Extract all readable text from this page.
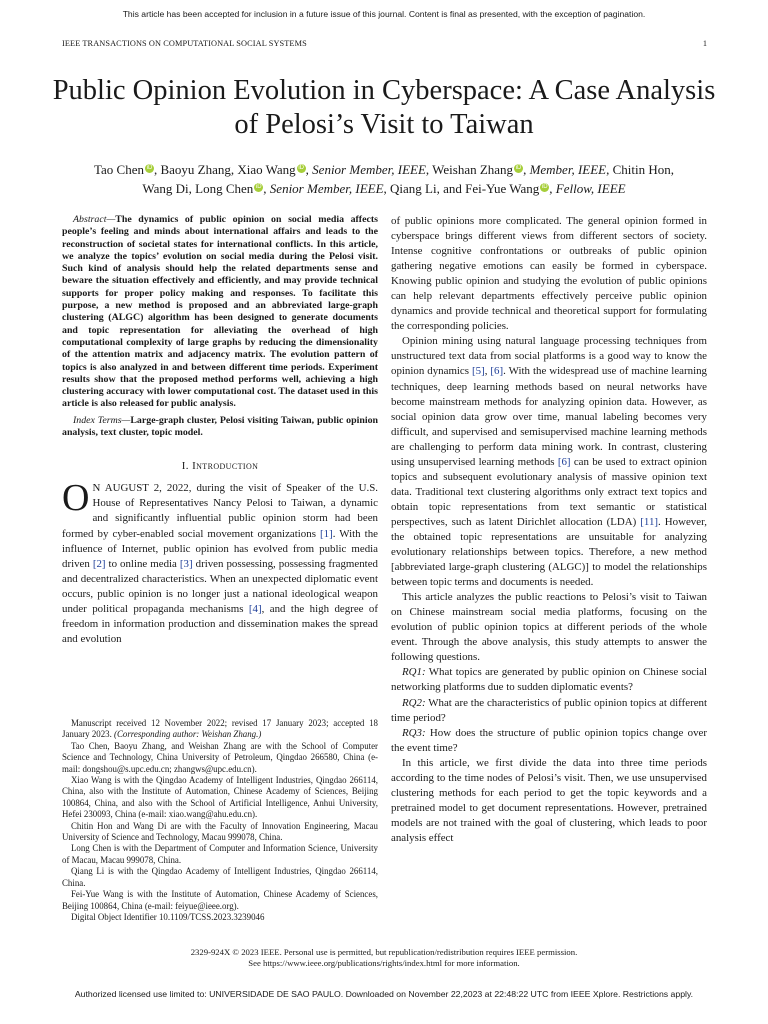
This article has been accepted for inclusion in a future issue of this journal. Content is final as presented, with the exception of pagination.
IEEE TRANSACTIONS ON COMPUTATIONAL SOCIAL SYSTEMS	1
Public Opinion Evolution in Cyberspace: A Case Analysis of Pelosi’s Visit to Taiwan
Tao Chen iD , Baoyu Zhang, Xiao Wang iD , Senior Member, IEEE, Weishan Zhang iD , Member, IEEE, Chitin Hon,
Wang Di, Long Chen iD , Senior Member, IEEE, Qiang Li, and Fei-Yue Wang iD , Fellow, IEEE

Abstract—The dynamics of public opinion on social media affects people’s feeling and minds about international affairs and leads to the reconstruction of societal states for international conflicts. In this article, we analyze the topics’ evolution on social media during the Pelosi visit. Such kind of analysis should help the related departments sense and beware the situation effectively and efficiently, and may provide technical supports for proper policy making and responses. To facilitate this purpose, a new method is proposed and an abbreviated large-graph clustering (ALGC) algorithm has been designed to generate documents and topic representation for alleviating the overhead of high computational complexity of large graphs by reducing the dimensionality of the attention matrix and adjacency matrix. The evolution pattern of topics is also analyzed in and between different time periods. Experiment results show that the proposed method performs well, achieving a high clustering accuracy with lower computational cost. The dataset used in this article is also released for public analysis.

Index Terms—Large-graph cluster, Pelosi visiting Taiwan, public opinion analysis, text cluster, topic model.

I. Introduction

O N AUGUST 2, 2022, during the visit of Speaker of the U.S. House of Representatives Nancy Pelosi to Taiwan, a dynamic and significantly influential public opinion storm had been formed by cyber-enabled social movement organizations [1]. With the influence of Internet, public opinion has evolved from public media driven [2] to online media [3] driven possessing, possessing fragmented and decentralized characteristics. When an unexpected diplomatic event occurs, public opinion is no longer just a national ideological weapon under political propaganda mechanisms [4], and the high degree of freedom in information production and dissemination makes the spread and evolution

Manuscript received 12 November 2022; revised 17 January 2023; accepted 18 January 2023. (Corresponding author: Weishan Zhang.)

Tao Chen, Baoyu Zhang, and Weishan Zhang are with the School of Computer Science and Technology, China University of Petroleum, Qingdao 266580, China (e-mail: dongshou@s.upc.edu.cn; zhangws@upc.edu.cn).

Xiao Wang is with the Qingdao Academy of Intelligent Industries, Qingdao 266114, China, also with the Institute of Automation, Chinese Academy of Sciences, Beijing 100864, China, and also with the School of Artificial Intelligence, Anhui University, Hefei 230093, China (e-mail: xiao.wang@ahu.edu.cn).

Chitin Hon and Wang Di are with the Faculty of Innovation Engineering, Macau University of Science and Technology, Macau 999078, China.

Long Chen is with the Department of Computer and Information Science, University of Macau, Macau 999078, China.

Qiang Li is with the Qingdao Academy of Intelligent Industries, Qingdao 266114, China.

Fei-Yue Wang is with the Institute of Automation, Chinese Academy of Sciences, Beijing 100864, China (e-mail: feiyue@ieee.org).

Digital Object Identifier 10.1109/TCSS.2023.3239046

of public opinions more complicated. The general opinion formed in cyberspace brings different views from different sectors of society. Intense cognitive confrontations or outbreaks of public opinion gathering negative emotions can easily be formed in cyberspace. Knowing public opinion and studying the evolution of public opinions can help relevant departments effectively perceive public opinion dynamics and provide technical and theoretical support for formulating the corresponding policies.

Opinion mining using natural language processing techniques from unstructured text data from social platforms is a good way to know the opinion dynamics [5], [6]. With the widespread use of machine learning techniques, deep learning methods based on neural networks have become mainstream methods for analyzing opinion data. However, as social opinion data grow over time, manual labeling becomes very difficult, and supervised and semisupervised machine learning methods are challenging to perform data mining work. In contrast, clustering using unsupervised learning methods [6] can be used to extract opinion topics and subsequent evolutionary analysis of massive opinion text data. Traditional text clustering algorithms only extract text topics and obtain topic representations from text semantic or statistical perspectives, such as latent Dirichlet allocation (LDA) [11]. However, the obtained topic representations are unsuitable for analyzing evolutionary relationships between topics. Therefore, a new method [abbreviated large-graph clustering (ALGC)] to model the relationships between topic terms and documents is needed.

This article analyzes the public reactions to Pelosi’s visit to Taiwan on Chinese mainstream social media platforms, focusing on the evolution of public opinion topics at different periods of the whole event. Through the above analysis, this study attempts to answer the following questions.

RQ1: What topics are generated by public opinion on Chinese social networking platforms due to sudden diplomatic events?

RQ2: What are the characteristics of public opinion topics at different time period?

RQ3: How does the structure of public opinion topics change over the event time?

In this article, we first divide the data into three time periods according to the time nodes of Pelosi’s visit. Then, we use unsupervised clustering methods for each period to get the topic keywords and a pretrained model to get document representations. However, pretrained models are not trained with the goal of clustering, which leads to poor analysis effect

2329-924X © 2023 IEEE. Personal use is permitted, but republication/redistribution requires IEEE permission.
See https://www.ieee.org/publications/rights/index.html for more information.
Authorized licensed use limited to: UNIVERSIDADE DE SAO PAULO. Downloaded on November 22,2023 at 22:48:22 UTC from IEEE Xplore. Restrictions apply.
